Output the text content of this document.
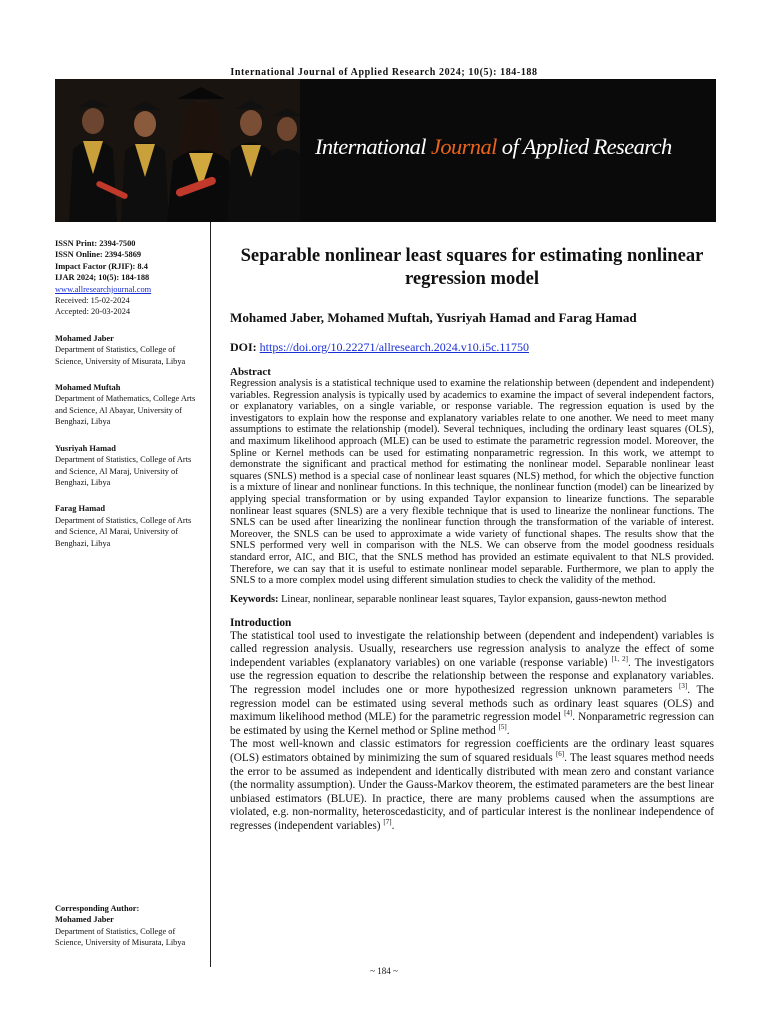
International Journal of Applied Research 2024; 10(5): 184-188
International Journal of Applied Research
ISSN Print: 2394-7500
ISSN Online: 2394-5869
Impact Factor (RJIF): 8.4
IJAR 2024; 10(5): 184-188
www.allresearchjournal.com
Received: 15-02-2024
Accepted: 20-03-2024
Mohamed Jaber
Department of Statistics, College of Science, University of Misurata, Libya
Mohamed Muftah
Department of Mathematics, College Arts and Science, Al Abayar, University of Benghazi, Libya
Yusriyah Hamad
Department of Statistics, College of Arts and Science, Al Maraj, University of Benghazi, Libya
Farag Hamad
Department of Statistics, College of Arts and Science, Al Marai, University of Benghazi, Libya
Corresponding Author:
Mohamed Jaber
Department of Statistics, College of Science, University of Misurata, Libya
Separable nonlinear least squares for estimating nonlinear regression model
Mohamed Jaber, Mohamed Muftah, Yusriyah Hamad and Farag Hamad
DOI: https://doi.org/10.22271/allresearch.2024.v10.i5c.11750
Abstract
Regression analysis is a statistical technique used to examine the relationship between (dependent and independent) variables. Regression analysis is typically used by academics to examine the impact of several independent factors, or explanatory variables, on a single variable, or response variable. The regression equation is used by the investigators to explain how the response and explanatory variables relate to one another. We need to meet many assumptions to estimate the relationship (model). Several techniques, including the ordinary least squares (OLS), and maximum likelihood approach (MLE) can be used to estimate the parametric regression model. Moreover, the Spline or Kernel methods can be used for estimating nonparametric regression. In this work, we attempt to demonstrate the significant and practical method for estimating the nonlinear model. Separable nonlinear least squares (SNLS) method is a special case of nonlinear least squares (NLS) method, for which the objective function is a mixture of linear and nonlinear functions. In this technique, the nonlinear function (model) can be linearized by applying special transformation or by using expanded Taylor expansion to linearize functions. The separable nonlinear least squares (SNLS) are a very flexible technique that is used to linearize the nonlinear functions. The SNLS can be used after linearizing the nonlinear function through the transformation of the variable of interest. Moreover, the SNLS can be used to approximate a wide variety of functional shapes. The results show that the SNLS performed very well in comparison with the NLS. We can observe from the model goodness residuals standard error, AIC, and BIC, that the SNLS method has provided an estimate equivalent to that NLS provided. Therefore, we can say that it is useful to estimate nonlinear model separable. Furthermore, we plan to apply the SNLS to a more complex model using different simulation studies to check the validity of the method.
Keywords: Linear, nonlinear, separable nonlinear least squares, Taylor expansion, gauss-newton method
Introduction
The statistical tool used to investigate the relationship between (dependent and independent) variables is called regression analysis. Usually, researchers use regression analysis to analyze the effect of some independent variables (explanatory variables) on one variable (response variable) [1, 2]. The investigators use the regression equation to describe the relationship between the response and explanatory variables. The regression model includes one or more hypothesized regression unknown parameters [3]. The regression model can be estimated using several methods such as ordinary least squares (OLS) and maximum likelihood method (MLE) for the parametric regression model [4]. Nonparametric regression can be estimated by using the Kernel method or Spline method [5].
The most well-known and classic estimators for regression coefficients are the ordinary least squares (OLS) estimators obtained by minimizing the sum of squared residuals [6]. The least squares method needs the error to be assumed as independent and identically distributed with mean zero and constant variance (the normality assumption). Under the Gauss-Markov theorem, the estimated parameters are the best linear unbiased estimators (BLUE). In practice, there are many problems caused when the assumptions are violated, e.g. non-normality, heteroscedasticity, and of particular interest is the nonlinear independence of regresses (independent variables) [7].
~ 184 ~
